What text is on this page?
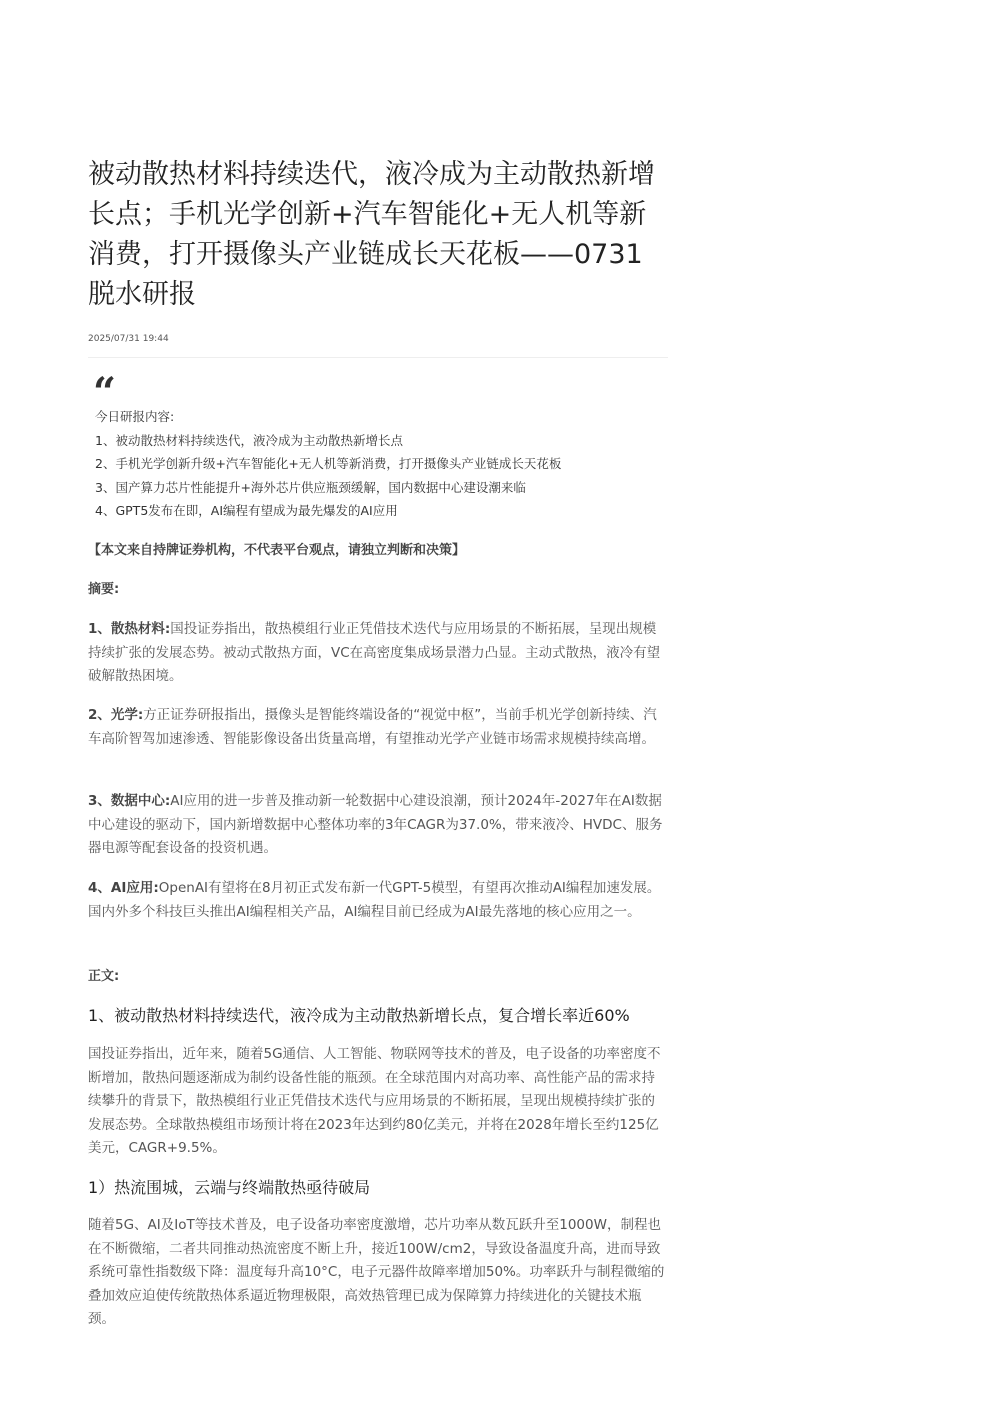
被动散热材料持续迭代，液冷成为主动散热新增长点；手机光学创新+汽车智能化+无人机等新消费，打开摄像头产业链成长天花板——0731脱水研报
2025/07/31 19:44
“
今日研报内容:
1、被动散热材料持续迭代，液冷成为主动散热新增长点
2、手机光学创新升级+汽车智能化+无人机等新消费，打开摄像头产业链成长天花板
3、国产算力芯片性能提升+海外芯片供应瓶颈缓解，国内数据中心建设潮来临
4、GPT5发布在即，AI编程有望成为最先爆发的AI应用

【本文来自持牌证券机构，不代表平台观点，请独立判断和决策】

摘要:

1、散热材料:国投证券指出，散热模组行业正凭借技术迭代与应用场景的不断拓展，呈现出规模持续扩张的发展态势。被动式散热方面，VC在高密度集成场景潜力凸显。主动式散热，液冷有望破解散热困境。

2、光学:方正证券研报指出，摄像头是智能终端设备的“视觉中枢”，当前手机光学创新持续、汽车高阶智驾加速渗透、智能影像设备出货量高增，有望推动光学产业链市场需求规模持续高增。

3、数据中心:AI应用的进一步普及推动新一轮数据中心建设浪潮，预计2024年-2027年在AI数据中心建设的驱动下，国内新增数据中心整体功率的3年CAGR为37.0%，带来液冷、HVDC、服务器电源等配套设备的投资机遇。

4、AI应用:OpenAI有望将在8月初正式发布新一代GPT-5模型，有望再次推动AI编程加速发展。国内外多个科技巨头推出AI编程相关产品，AI编程目前已经成为AI最先落地的核心应用之一。

正文:

1、被动散热材料持续迭代，液冷成为主动散热新增长点，复合增长率近60%

国投证券指出，近年来，随着5G通信、人工智能、物联网等技术的普及，电子设备的功率密度不断增加，散热问题逐渐成为制约设备性能的瓶颈。在全球范围内对高功率、高性能产品的需求持续攀升的背景下，散热模组行业正凭借技术迭代与应用场景的不断拓展，呈现出规模持续扩张的发展态势。全球散热模组市场预计将在2023年达到约80亿美元，并将在2028年增长至约125亿美元，CAGR+9.5%。

1）热流围城，云端与终端散热亟待破局

随着5G、AI及IoT等技术普及，电子设备功率密度激增，芯片功率从数瓦跃升至1000W，制程也在不断微缩，二者共同推动热流密度不断上升，接近100W/cm2，导致设备温度升高，进而导致系统可靠性指数级下降：温度每升高10°C，电子元器件故障率增加50%。功率跃升与制程微缩的叠加效应迫使传统散热体系逼近物理极限，高效热管理已成为保障算力持续进化的关键技术瓶颈。
